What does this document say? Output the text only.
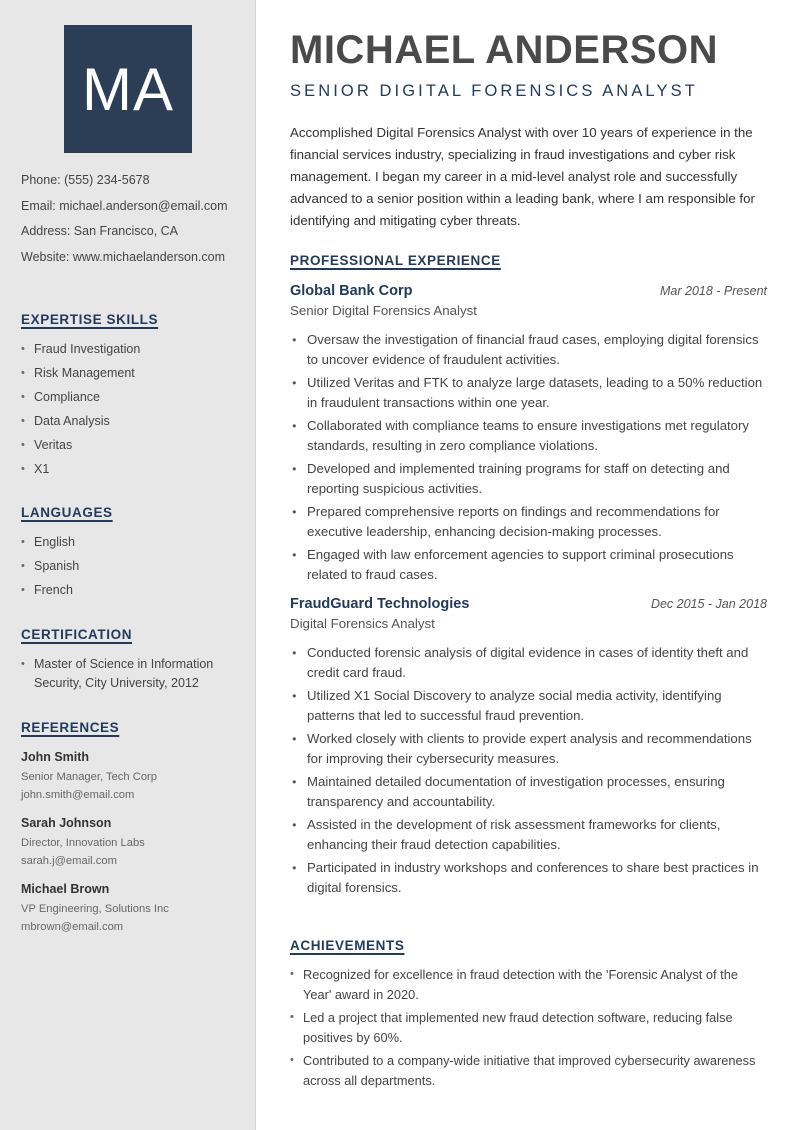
MA
Phone: (555) 234-5678
Email: michael.anderson@email.com
Address: San Francisco, CA
Website: www.michaelanderson.com
EXPERTISE SKILLS
• Fraud Investigation
• Risk Management
• Compliance
• Data Analysis
• Veritas
• X1
LANGUAGES
• English
• Spanish
• French
CERTIFICATION
• Master of Science in Information Security, City University, 2012
REFERENCES
John Smith
Senior Manager, Tech Corp
john.smith@email.com
Sarah Johnson
Director, Innovation Labs
sarah.j@email.com
Michael Brown
VP Engineering, Solutions Inc
mbrown@email.com
MICHAEL ANDERSON
SENIOR DIGITAL FORENSICS ANALYST
Accomplished Digital Forensics Analyst with over 10 years of experience in the financial services industry, specializing in fraud investigations and cyber risk management. I began my career in a mid-level analyst role and successfully advanced to a senior position within a leading bank, where I am responsible for identifying and mitigating cyber threats.
PROFESSIONAL EXPERIENCE
Global Bank Corp	Mar 2018 - Present
Senior Digital Forensics Analyst
● Oversaw the investigation of financial fraud cases, employing digital forensics to uncover evidence of fraudulent activities.
● Utilized Veritas and FTK to analyze large datasets, leading to a 50% reduction in fraudulent transactions within one year.
● Collaborated with compliance teams to ensure investigations met regulatory standards, resulting in zero compliance violations.
● Developed and implemented training programs for staff on detecting and reporting suspicious activities.
● Prepared comprehensive reports on findings and recommendations for executive leadership, enhancing decision-making processes.
● Engaged with law enforcement agencies to support criminal prosecutions related to fraud cases.
FraudGuard Technologies	Dec 2015 - Jan 2018
Digital Forensics Analyst
● Conducted forensic analysis of digital evidence in cases of identity theft and credit card fraud.
● Utilized X1 Social Discovery to analyze social media activity, identifying patterns that led to successful fraud prevention.
● Worked closely with clients to provide expert analysis and recommendations for improving their cybersecurity measures.
● Maintained detailed documentation of investigation processes, ensuring transparency and accountability.
● Assisted in the development of risk assessment frameworks for clients, enhancing their fraud detection capabilities.
● Participated in industry workshops and conferences to share best practices in digital forensics.
ACHIEVEMENTS
• Recognized for excellence in fraud detection with the 'Forensic Analyst of the Year' award in 2020.
• Led a project that implemented new fraud detection software, reducing false positives by 60%.
• Contributed to a company-wide initiative that improved cybersecurity awareness across all departments.
